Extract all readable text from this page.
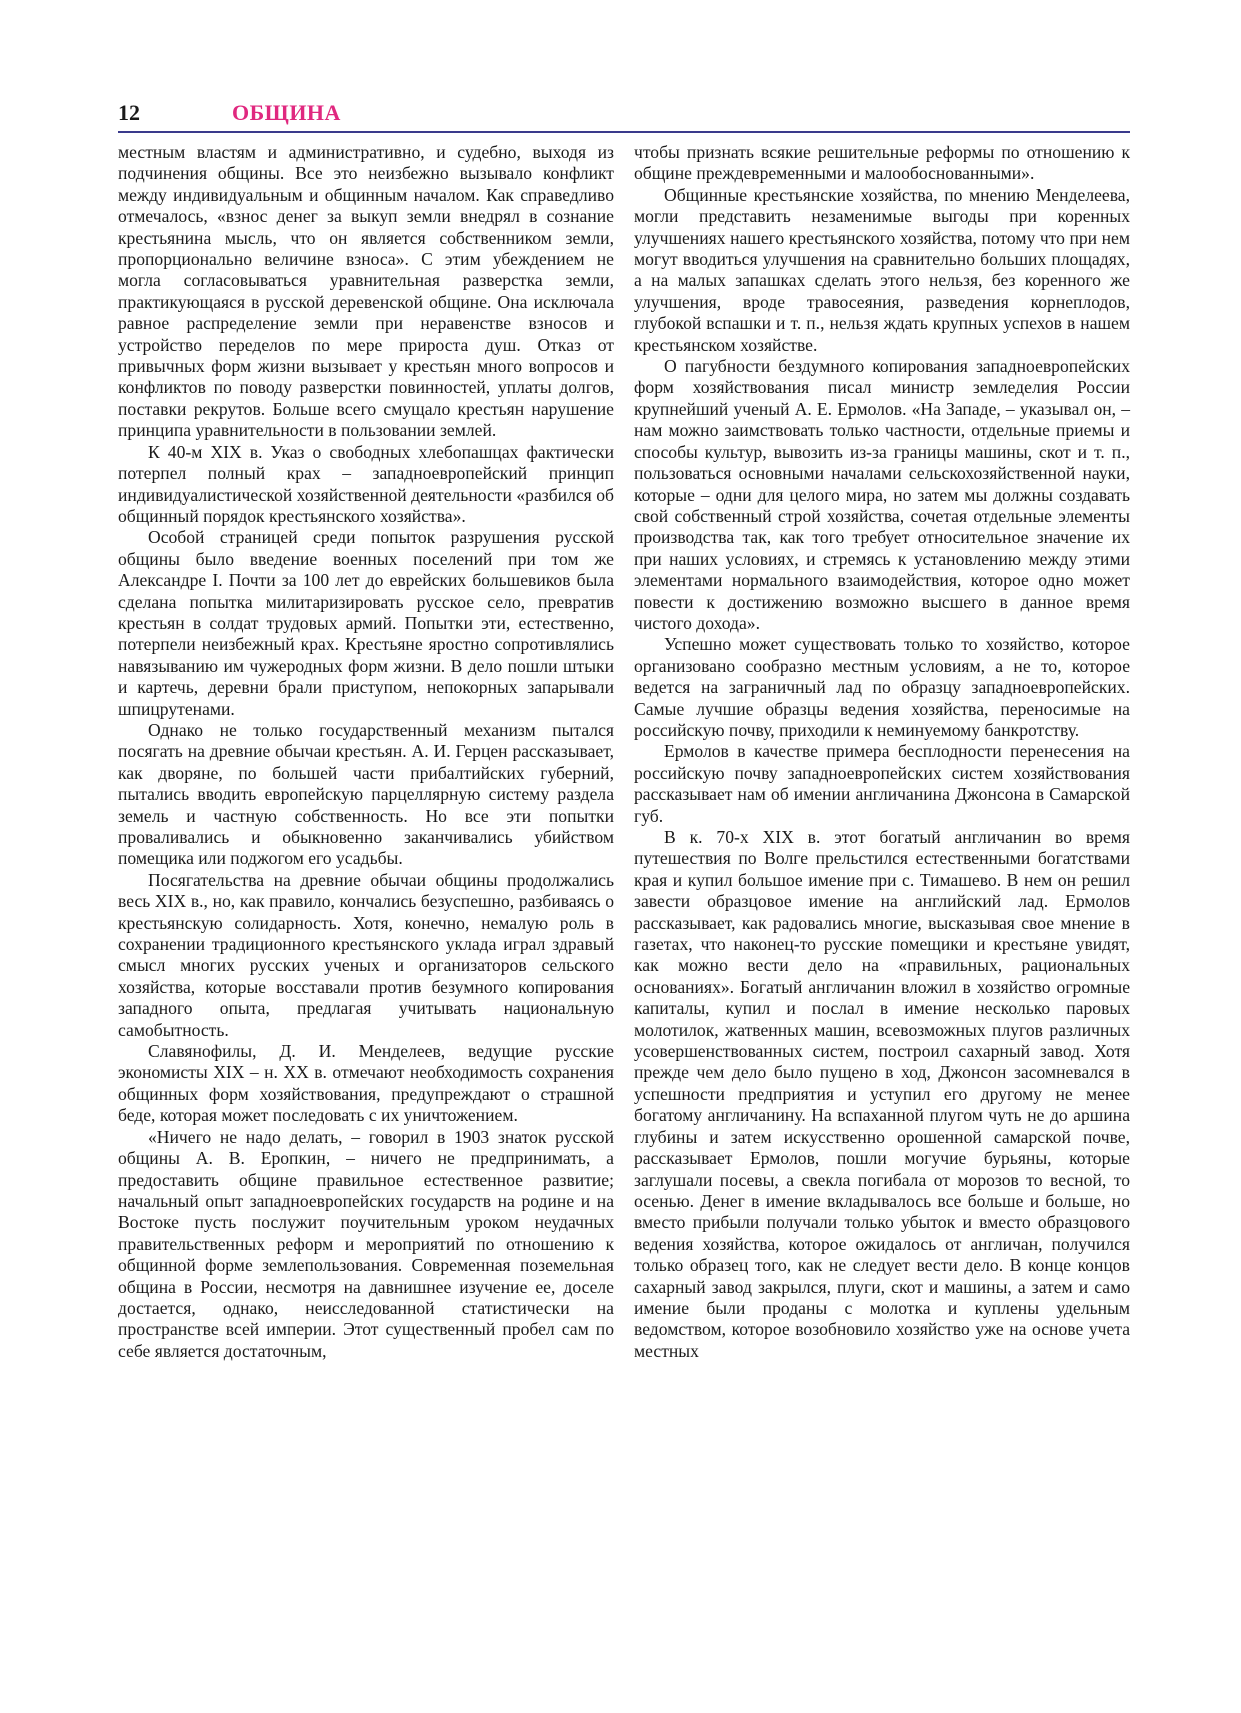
12	ОБЩИНА

местным властям и административно, и судебно, выходя из подчинения общины. Все это неизбежно вызывало конфликт между индивидуальным и общинным началом. Как справедливо отмечалось, «взнос денег за выкуп земли внедрял в сознание крестьянина мысль, что он является собственником земли, пропорционально величине взноса». С этим убеждением не могла согласовываться уравнительная разверстка земли, практикующаяся в русской деревенской общине. Она исключала равное распределение земли при неравенстве взносов и устройство переделов по мере прироста душ. Отказ от привычных форм жизни вызывает у крестьян много вопросов и конфликтов по поводу разверстки повинностей, уплаты долгов, поставки рекрутов. Больше всего смущало крестьян нарушение принципа уравнительности в пользовании землей.

К 40-м XIX в. Указ о свободных хлебопашцах фактически потерпел полный крах – западноевропейский принцип индивидуалистической хозяйственной деятельности «разбился об общинный порядок крестьянского хозяйства».

Особой страницей среди попыток разрушения русской общины было введение военных поселений при том же Александре I. Почти за 100 лет до еврейских большевиков была сделана попытка милитаризировать русское село, превратив крестьян в солдат трудовых армий. Попытки эти, естественно, потерпели неизбежный крах. Крестьяне яростно сопротивлялись навязыванию им чужеродных форм жизни. В дело пошли штыки и картечь, деревни брали приступом, непокорных запарывали шпицрутенами.

Однако не только государственный механизм пытался посягать на древние обычаи крестьян. А. И. Герцен рассказывает, как дворяне, по большей части прибалтийских губерний, пытались вводить европейскую парцеллярную систему раздела земель и частную собственность. Но все эти попытки проваливались и обыкновенно заканчивались убийством помещика или поджогом его усадьбы.

Посягательства на древние обычаи общины продолжались весь XIX в., но, как правило, кончались безуспешно, разбиваясь о крестьянскую солидарность. Хотя, конечно, немалую роль в сохранении традиционного крестьянского уклада играл здравый смысл многих русских ученых и организаторов сельского хозяйства, которые восставали против безумного копирования западного опыта, предлагая учитывать национальную самобытность.

Славянофилы, Д. И. Менделеев, ведущие русские экономисты XIX – н. XX в. отмечают необходимость сохранения общинных форм хозяйствования, предупреждают о страшной беде, которая может последовать с их уничтожением.

«Ничего не надо делать, – говорил в 1903 знаток русской общины А. В. Еропкин, – ничего не предпринимать, а предоставить общине правильное естественное развитие; начальный опыт западноевропейских государств на родине и на Востоке пусть послужит поучительным уроком неудачных правительственных реформ и мероприятий по отношению к общинной форме землепользования. Современная поземельная община в России, несмотря на давнишнее изучение ее, доселе достается, однако, неисследованной статистически на пространстве всей империи. Этот существенный пробел сам по себе является достаточным,

чтобы признать всякие решительные реформы по отношению к общине преждевременными и малообоснованными».

Общинные крестьянские хозяйства, по мнению Менделеева, могли представить незаменимые выгоды при коренных улучшениях нашего крестьянского хозяйства, потому что при нем могут вводиться улучшения на сравнительно больших площадях, а на малых запашках сделать этого нельзя, без коренного же улучшения, вроде травосеяния, разведения корнеплодов, глубокой вспашки и т. п., нельзя ждать крупных успехов в нашем крестьянском хозяйстве.

О пагубности бездумного копирования западноевропейских форм хозяйствования писал министр земледелия России крупнейший ученый А. Е. Ермолов. «На Западе, – указывал он, – нам можно заимствовать только частности, отдельные приемы и способы культур, вывозить из-за границы машины, скот и т. п., пользоваться основными началами сельскохозяйственной науки, которые – одни для целого мира, но затем мы должны создавать свой собственный строй хозяйства, сочетая отдельные элементы производства так, как того требует относительное значение их при наших условиях, и стремясь к установлению между этими элементами нормального взаимодействия, которое одно может повести к достижению возможно высшего в данное время чистого дохода».

Успешно может существовать только то хозяйство, которое организовано сообразно местным условиям, а не то, которое ведется на заграничный лад по образцу западноевропейских. Самые лучшие образцы ведения хозяйства, переносимые на российскую почву, приходили к неминуемому банкротству.

Ермолов в качестве примера бесплодности перенесения на российскую почву западноевропейских систем хозяйствования рассказывает нам об имении англичанина Джонсона в Самарской губ.

В к. 70-х XIX в. этот богатый англичанин во время путешествия по Волге прельстился естественными богатствами края и купил большое имение при с. Тимашево. В нем он решил завести образцовое имение на английский лад. Ермолов рассказывает, как радовались многие, высказывая свое мнение в газетах, что наконец-то русские помещики и крестьяне увидят, как можно вести дело на «правильных, рациональных основаниях». Богатый англичанин вложил в хозяйство огромные капиталы, купил и послал в имение несколько паровых молотилок, жатвенных машин, всевозможных плугов различных усовершенствованных систем, построил сахарный завод. Хотя прежде чем дело было пущено в ход, Джонсон засомневался в успешности предприятия и уступил его другому не менее богатому англичанину. На вспаханной плугом чуть не до аршина глубины и затем искусственно орошенной самарской почве, рассказывает Ермолов, пошли могучие бурьяны, которые заглушали посевы, а свекла погибала от морозов то весной, то осенью. Денег в имение вкладывалось все больше и больше, но вместо прибыли получали только убыток и вместо образцового ведения хозяйства, которое ожидалось от англичан, получился только образец того, как не следует вести дело. В конце концов сахарный завод закрылся, плуги, скот и машины, а затем и само имение были проданы с молотка и куплены удельным ведомством, которое возобновило хозяйство уже на основе учета местных
